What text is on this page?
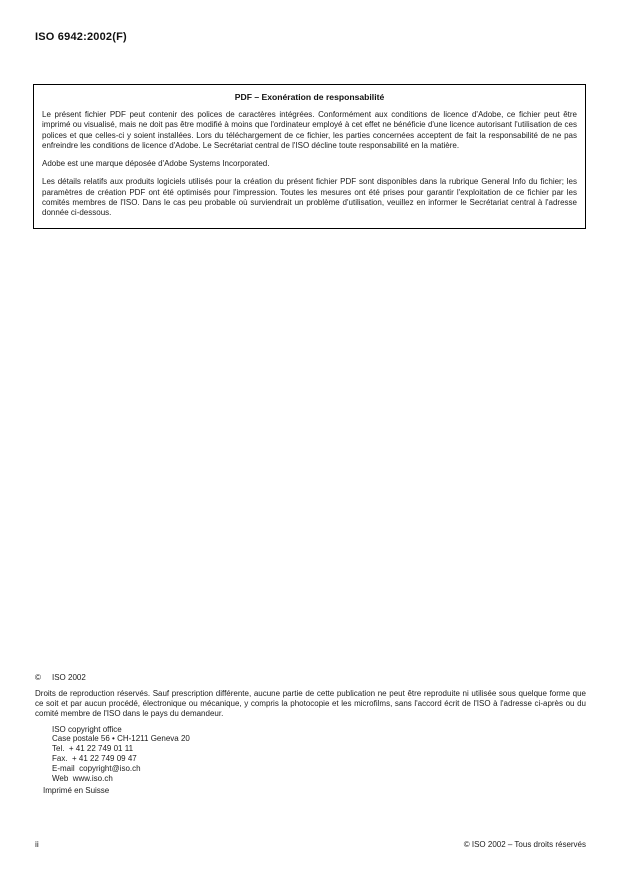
ISO 6942:2002(F)
PDF – Exonération de responsabilité

Le présent fichier PDF peut contenir des polices de caractères intégrées. Conformément aux conditions de licence d'Adobe, ce fichier peut être imprimé ou visualisé, mais ne doit pas être modifié à moins que l'ordinateur employé à cet effet ne bénéficie d'une licence autorisant l'utilisation de ces polices et que celles-ci y soient installées. Lors du téléchargement de ce fichier, les parties concernées acceptent de fait la responsabilité de ne pas enfreindre les conditions de licence d'Adobe. Le Secrétariat central de l'ISO décline toute responsabilité en la matière.

Adobe est une marque déposée d'Adobe Systems Incorporated.

Les détails relatifs aux produits logiciels utilisés pour la création du présent fichier PDF sont disponibles dans la rubrique General Info du fichier; les paramètres de création PDF ont été optimisés pour l'impression. Toutes les mesures ont été prises pour garantir l'exploitation de ce fichier par les comités membres de l'ISO. Dans le cas peu probable où surviendrait un problème d'utilisation, veuillez en informer le Secrétariat central à l'adresse donnée ci-dessous.

© ISO 2002

Droits de reproduction réservés. Sauf prescription différente, aucune partie de cette publication ne peut être reproduite ni utilisée sous quelque forme que ce soit et par aucun procédé, électronique ou mécanique, y compris la photocopie et les microfilms, sans l'accord écrit de l'ISO à l'adresse ci-après ou du comité membre de l'ISO dans le pays du demandeur.

ISO copyright office
Case postale 56 • CH-1211 Geneva 20
Tel.  + 41 22 749 01 11
Fax.  + 41 22 749 09 47
E-mail  copyright@iso.ch
Web  www.iso.ch
Imprimé en Suisse
ii	© ISO 2002 – Tous droits réservés
